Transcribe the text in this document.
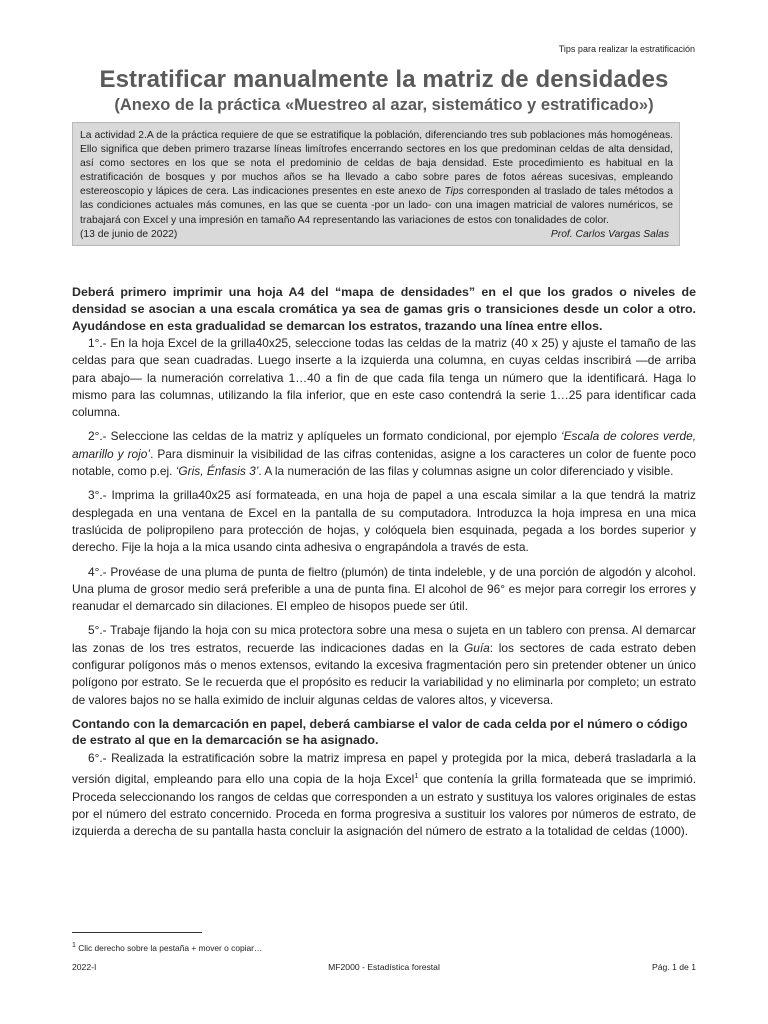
Tips para realizar la estratificación
Estratificar manualmente la matriz de densidades
(Anexo de la práctica «Muestreo al azar, sistemático y estratificado»)
La actividad 2.A de la práctica requiere de que se estratifique la población, diferenciando tres sub poblaciones más homogéneas. Ello significa que deben primero trazarse líneas limítrofes encerrando sectores en los que predominan celdas de alta densidad, así como sectores en los que se nota el predominio de celdas de baja densidad. Este procedimiento es habitual en la estratificación de bosques y por muchos años se ha llevado a cabo sobre pares de fotos aéreas sucesivas, empleando estereoscopio y lápices de cera. Las indicaciones presentes en este anexo de Tips corresponden al traslado de tales métodos a las condiciones actuales más comunes, en las que se cuenta -por un lado- con una imagen matricial de valores numéricos, se trabajará con Excel y una impresión en tamaño A4 representando las variaciones de estos con tonalidades de color.
(13 de junio de 2022)	Prof. Carlos Vargas Salas

Deberá primero imprimir una hoja A4 del “mapa de densidades” en el que los grados o niveles de densidad se asocian a una escala cromática ya sea de gamas gris o transiciones desde un color a otro. Ayudándose en esta gradualidad se demarcan los estratos, trazando una línea entre ellos.

1°.- En la hoja Excel de la grilla40x25, seleccione todas las celdas de la matriz (40 x 25) y ajuste el tamaño de las celdas para que sean cuadradas. Luego inserte a la izquierda una columna, en cuyas celdas inscribirá —de arriba para abajo— la numeración correlativa 1…40 a fin de que cada fila tenga un número que la identificará. Haga lo mismo para las columnas, utilizando la fila inferior, que en este caso contendrá la serie 1…25 para identificar cada columna.

2°.- Seleccione las celdas de la matriz y aplíqueles un formato condicional, por ejemplo ‘Escala de colores verde, amarillo y rojo’. Para disminuir la visibilidad de las cifras contenidas, asigne a los caracteres un color de fuente poco notable, como p.ej. ‘Gris, Énfasis 3’. A la numeración de las filas y columnas asigne un color diferenciado y visible.

3°.- Imprima la grilla40x25 así formateada, en una hoja de papel a una escala similar a la que tendrá la matriz desplegada en una ventana de Excel en la pantalla de su computadora. Introduzca la hoja impresa en una mica traslúcida de polipropileno para protección de hojas, y colóquela bien esquinada, pegada a los bordes superior y derecho. Fije la hoja a la mica usando cinta adhesiva o engrapándola a través de esta.

4°.- Provéase de una pluma de punta de fieltro (plumón) de tinta indeleble, y de una porción de algodón y alcohol. Una pluma de grosor medio será preferible a una de punta fina. El alcohol de 96° es mejor para corregir los errores y reanudar el demarcado sin dilaciones. El empleo de hisopos puede ser útil.

5°.- Trabaje fijando la hoja con su mica protectora sobre una mesa o sujeta en un tablero con prensa. Al demarcar las zonas de los tres estratos, recuerde las indicaciones dadas en la Guía: los sectores de cada estrato deben configurar polígonos más o menos extensos, evitando la excesiva fragmentación pero sin pretender obtener un único polígono por estrato. Se le recuerda que el propósito es reducir la variabilidad y no eliminarla por completo; un estrato de valores bajos no se halla eximido de incluir algunas celdas de valores altos, y viceversa.

Contando con la demarcación en papel, deberá cambiarse el valor de cada celda por el número o código de estrato al que en la demarcación se ha asignado.

6°.- Realizada la estratificación sobre la matriz impresa en papel y protegida por la mica, deberá trasladarla a la versión digital, empleando para ello una copia de la hoja Excel$^1$ que contenía la grilla formateada que se imprimió. Proceda seleccionando los rangos de celdas que corresponden a un estrato y sustituya los valores originales de estas por el número del estrato concernido. Proceda en forma progresiva a sustituir los valores por números de estrato, de izquierda a derecha de su pantalla hasta concluir la asignación del número de estrato a la totalidad de celdas (1000).

$^1$ Clic derecho sobre la pestaña + mover o copiar…
2022-I	MF2000 - Estadística forestal	Pág. 1 de 1
